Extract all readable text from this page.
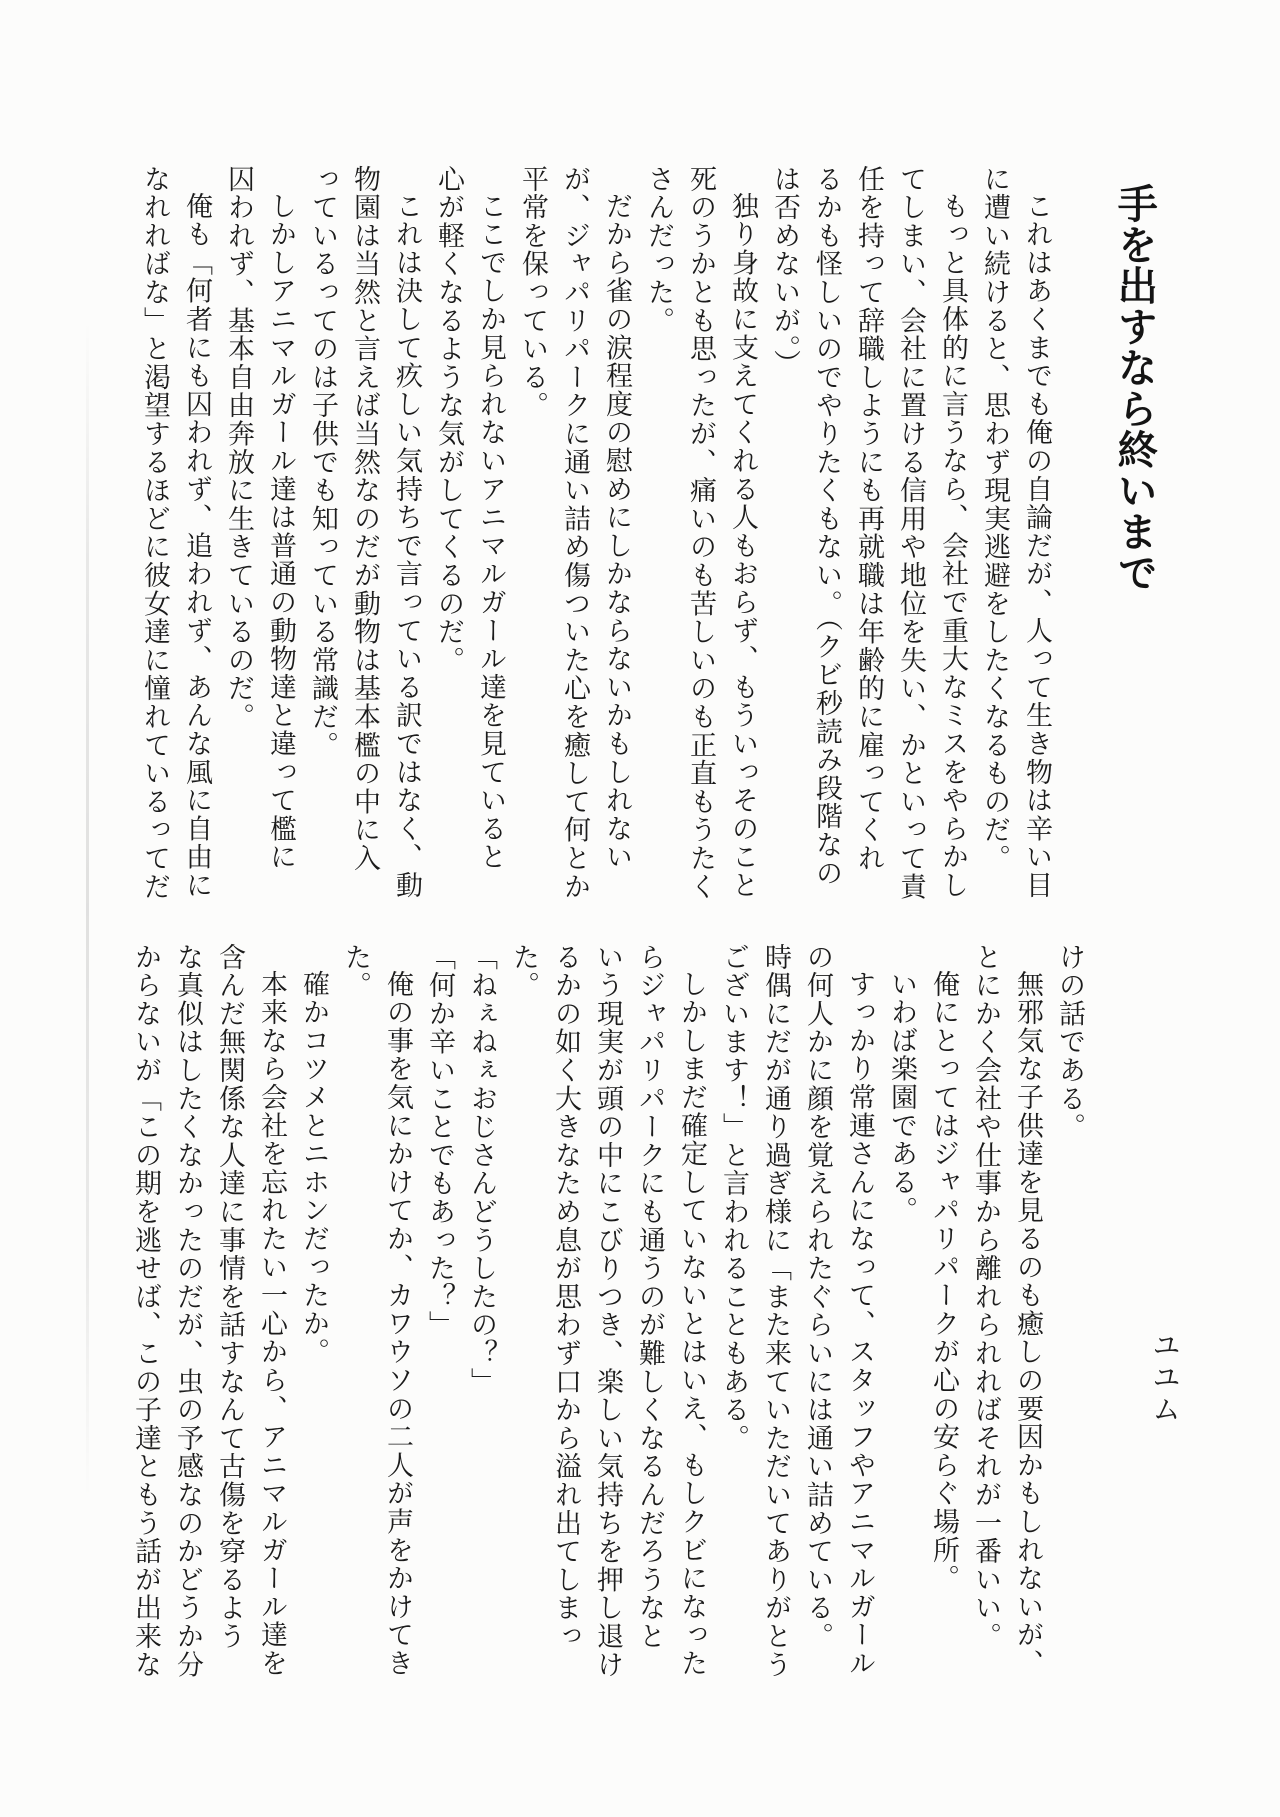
手を出すなら終いまで

これはあくまでも俺の自論だが、人って生き物は辛い目

に遭い続けると、思わず現実逃避をしたくなるものだ。

もっと具体的に言うなら、会社で重大なミスをやらかし

てしまい、会社に置ける信用や地位を失い、かといって責

任を持って辞職しようにも再就職は年齢的に雇ってくれ

るかも怪しいのでやりたくもない。（クビ秒読み段階なの

は否めないが。）

独り身故に支えてくれる人もおらず、もういっそのこと

死のうかとも思ったが、痛いのも苦しいのも正直もうたく

さんだった。

だから雀の涙程度の慰めにしかならないかもしれない

が、ジャパリパークに通い詰め傷ついた心を癒して何とか

平常を保っている。

ここでしか見られないアニマルガール達を見ていると

心が軽くなるような気がしてくるのだ。

これは決して疚しい気持ちで言っている訳ではなく、動

物園は当然と言えば当然なのだが動物は基本檻の中に入

っているってのは子供でも知っている常識だ。

しかしアニマルガール達は普通の動物達と違って檻に

囚われず、基本自由奔放に生きているのだ。

俺も「何者にも囚われず、追われず、あんな風に自由に

なれればな」と渇望するほどに彼女達に憧れているってだ

けの話である。

無邪気な子供達を見るのも癒しの要因かもしれないが、

とにかく会社や仕事から離れられればそれが一番いい。

俺にとってはジャパリパークが心の安らぐ場所。

いわば楽園である。

すっかり常連さんになって、スタッフやアニマルガール

の何人かに顔を覚えられたぐらいには通い詰めている。

時偶にだが通り過ぎ様に「また来ていただいてありがとう

ございます！」と言われることもある。

しかしまだ確定していないとはいえ、もしクビになった

らジャパリパークにも通うのが難しくなるんだろうなと

いう現実が頭の中にこびりつき、楽しい気持ちを押し退け

るかの如く大きなため息が思わず口から溢れ出てしまっ

た。

「ねぇねぇおじさんどうしたの？」

「何か辛いことでもあった？」

俺の事を気にかけてか、カワウソの二人が声をかけてき

た。

確かコツメとニホンだったか。

本来なら会社を忘れたい一心から、アニマルガール達を

含んだ無関係な人達に事情を話すなんて古傷を穿るよう

な真似はしたくなかったのだが、虫の予感なのかどうか分

からないが「この期を逃せば、この子達ともう話が出来な	ユユム
